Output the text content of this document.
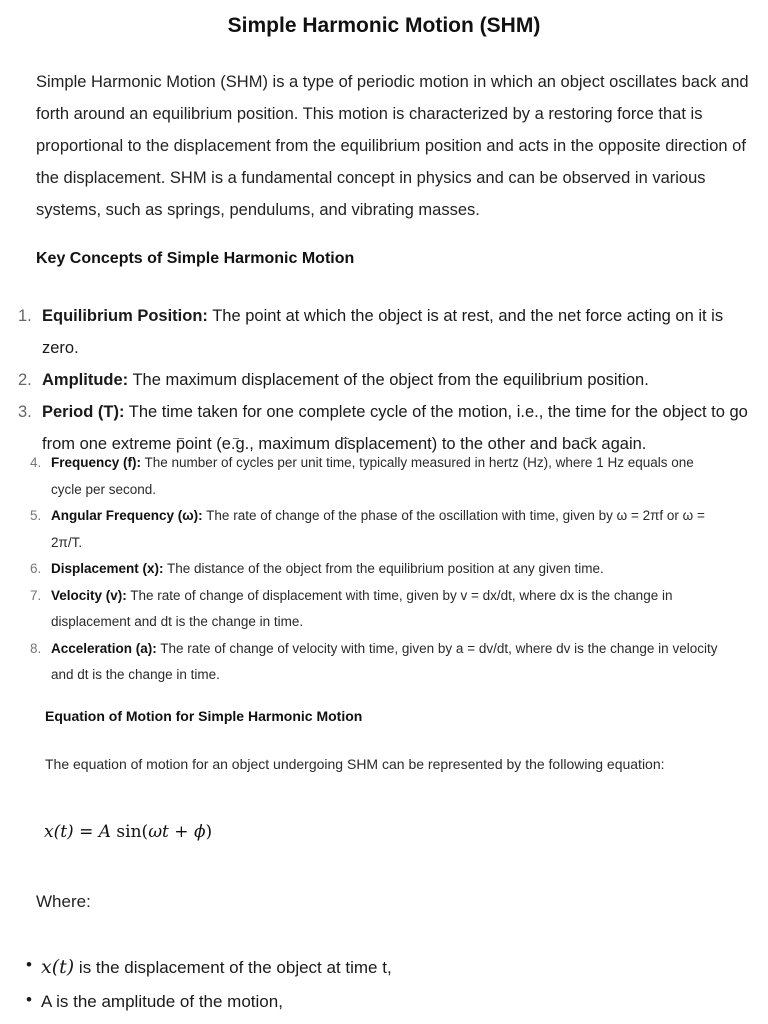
Simple Harmonic Motion (SHM)
Simple Harmonic Motion (SHM) is a type of periodic motion in which an object oscillates back and forth around an equilibrium position. This motion is characterized by a restoring force that is proportional to the displacement from the equilibrium position and acts in the opposite direction of the displacement. SHM is a fundamental concept in physics and can be observed in various systems, such as springs, pendulums, and vibrating masses.
Key Concepts of Simple Harmonic Motion
1. Equilibrium Position: The point at which the object is at rest, and the net force acting on it is zero.
2. Amplitude: The maximum displacement of the object from the equilibrium position.
3. Period (T): The time taken for one complete cycle of the motion, i.e., the time for the object to go from one extreme point (e.g., maximum displacement) to the other and back again.
4. Frequency (f): The number of cycles per unit time, typically measured in hertz (Hz), where 1 Hz equals one cycle per second.
5. Angular Frequency (ω): The rate of change of the phase of the oscillation with time, given by ω = 2πf or ω = 2π/T.
6. Displacement (x): The distance of the object from the equilibrium position at any given time.
7. Velocity (v): The rate of change of displacement with time, given by v = dx/dt, where dx is the change in displacement and dt is the change in time.
8. Acceleration (a): The rate of change of velocity with time, given by a = dv/dt, where dv is the change in velocity and dt is the change in time.
Equation of Motion for Simple Harmonic Motion
The equation of motion for an object undergoing SHM can be represented by the following equation:
x(t) = A sin(ωt + ϕ)
Where:
• x(t) is the displacement of the object at time t,
• A is the amplitude of the motion,
